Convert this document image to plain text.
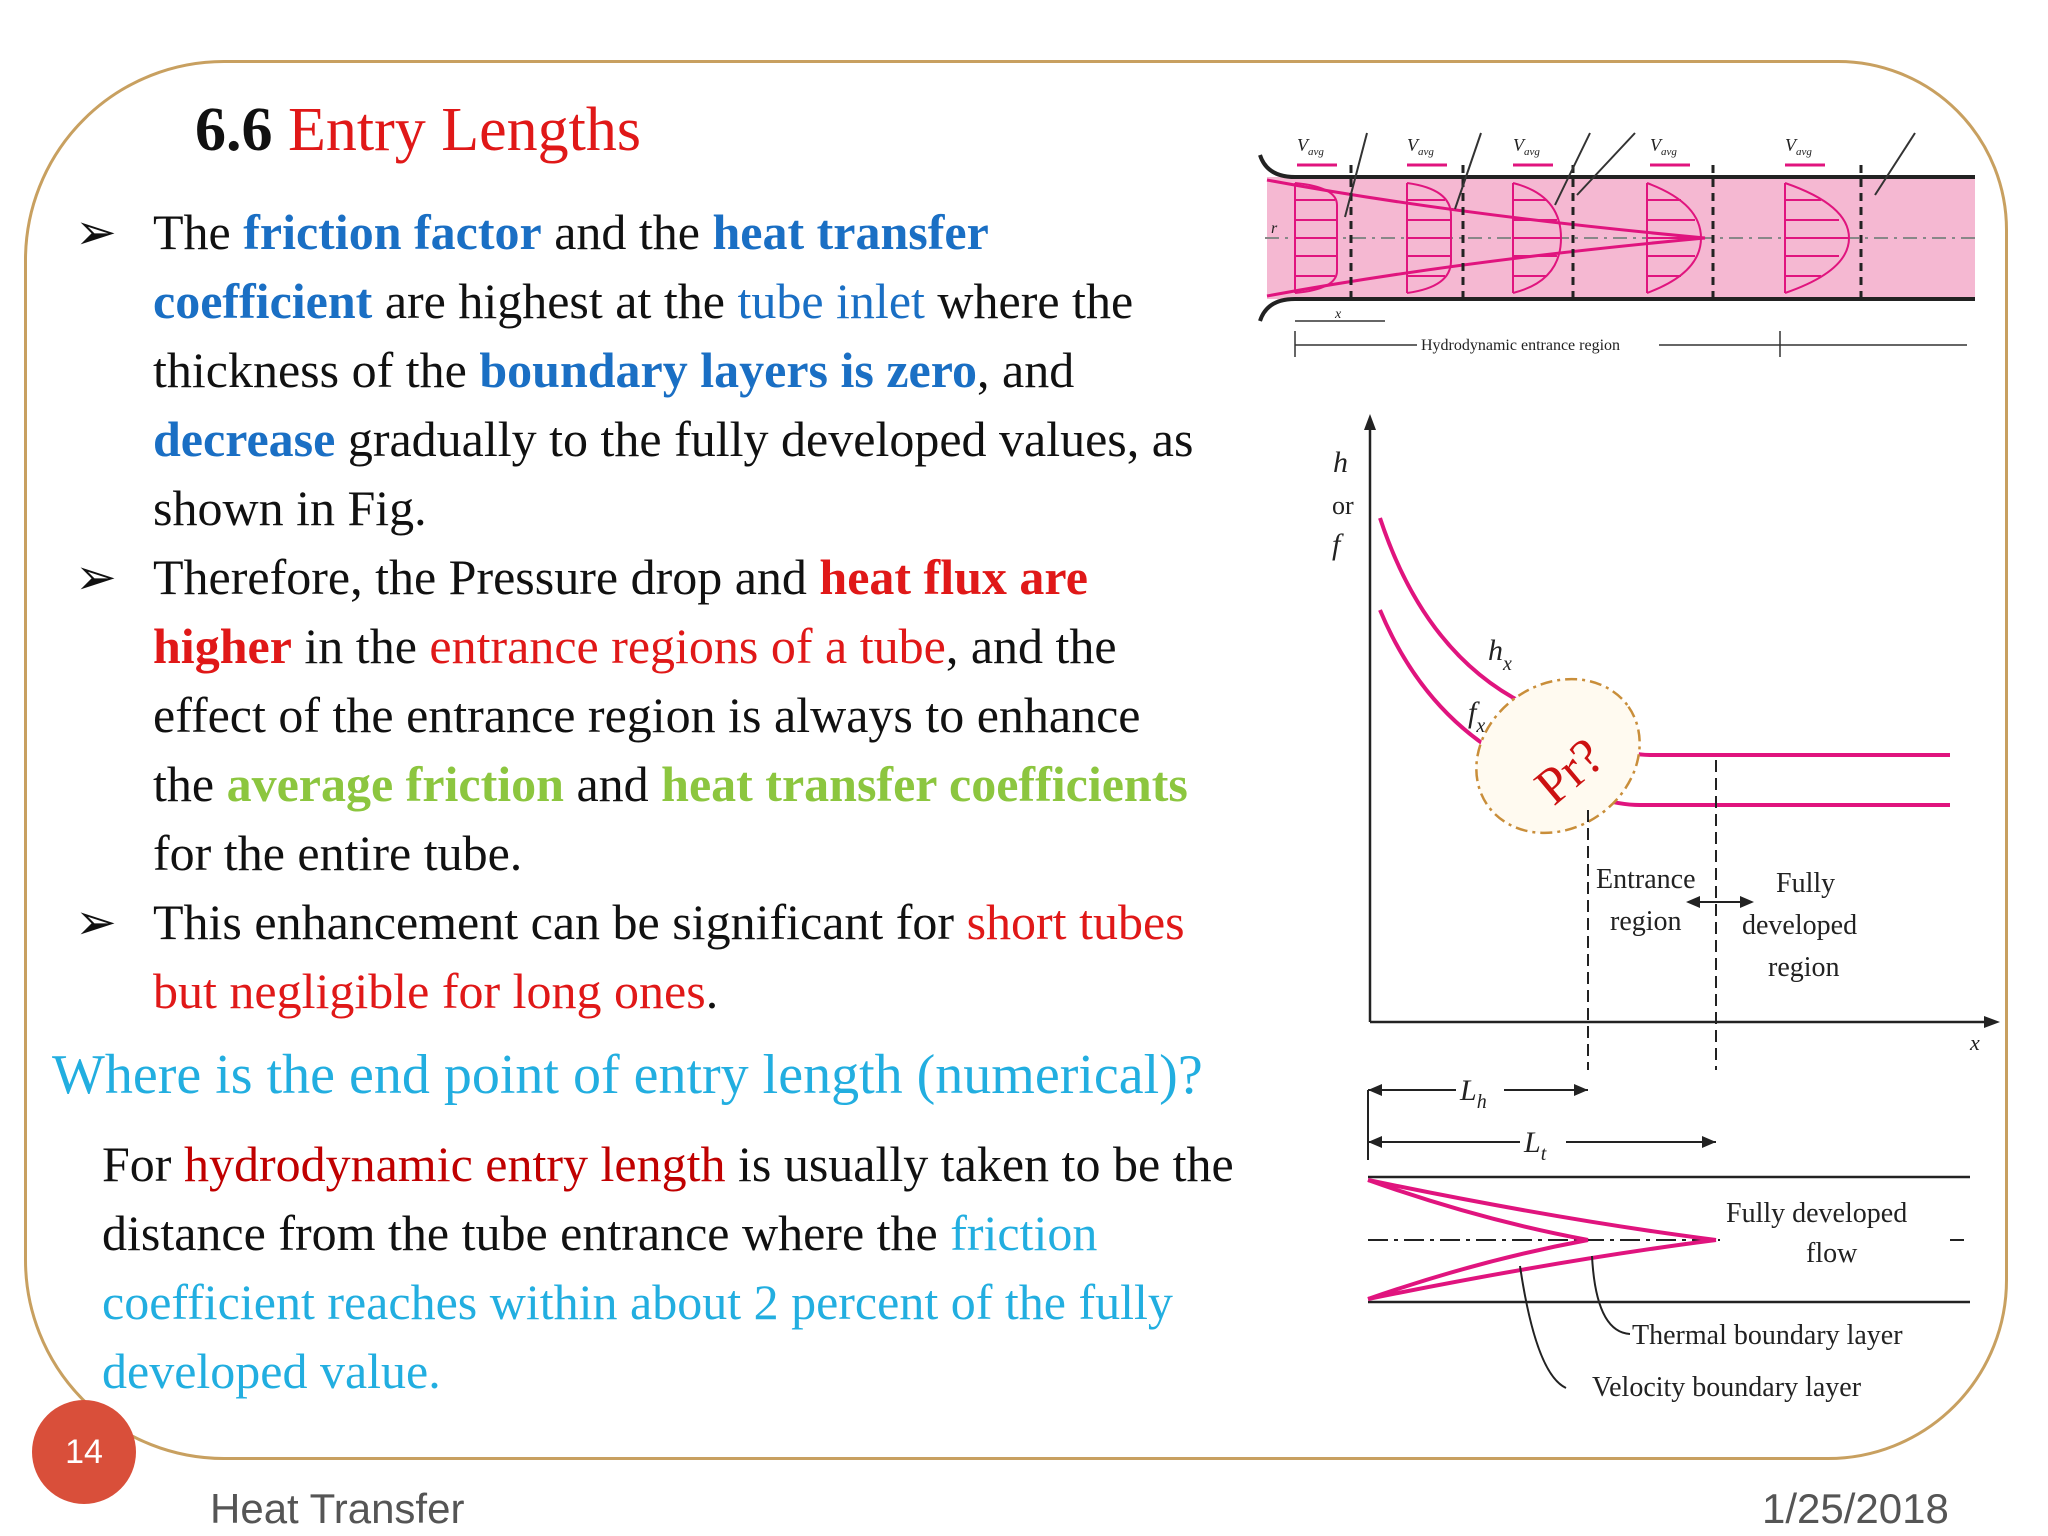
6.6 Entry Lengths
➢ The friction factor and the heat transfer coefficient are highest at the tube inlet where the thickness of the boundary layers is zero, and decrease gradually to the fully developed values, as shown in Fig.
➢ Therefore, the Pressure drop and heat flux are higher in the entrance regions of a tube, and the effect of the entrance region is always to enhance the average friction and heat transfer coefficients for the entire tube.
➢ This enhancement can be significant for short tubes but negligible for long ones.
Where is the end point of entry length (numerical)?
For hydrodynamic entry length is usually taken to be the distance from the tube entrance where the friction coefficient reaches within about 2 percent of the fully developed value.
14
Heat Transfer	1/25/2018
$V_{avg}$	$V_{avg}$	$V_{avg}$	$V_{avg}$	$V_{avg}$
r
x
Hydrodynamic entrance region
h
or
f
$h_x$
$f_x$
Pr?
Entrance
region
Fully
developed
region
x
$L_h$
$L_t$
Fully developed
flow
Thermal boundary layer
Velocity boundary layer
